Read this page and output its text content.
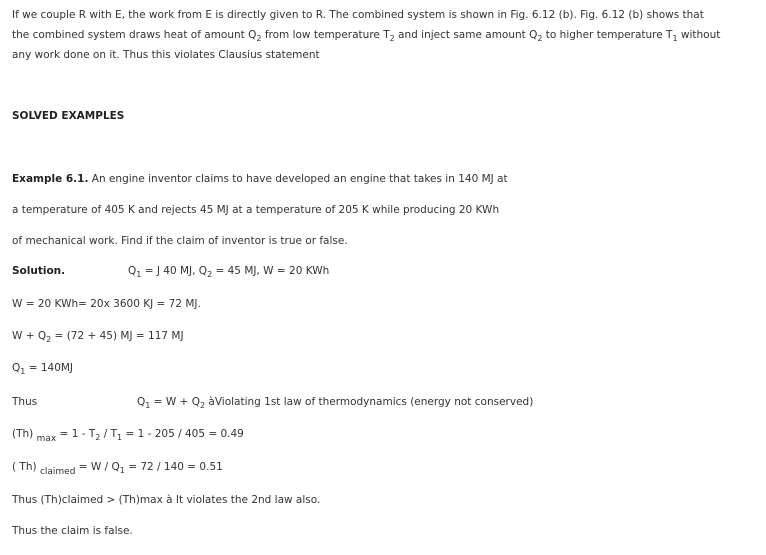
If we couple R with E, the work from E is directly given to R. The combined system is shown in Fig. 6.12 (b). Fig. 6.12 (b) shows that
the combined system draws heat of amount $Q_2$ from low temperature $T_2$ and inject same amount $Q_2$ to higher temperature $T_1$ without
any work done on it. Thus this violates Clausius statement
SOLVED EXAMPLES
Example 6.1. An engine inventor claims to have developed an engine that takes in 140 MJ at
a temperature of 405 K and rejects 45 MJ at a temperature of 205 K while producing 20 KWh
of mechanical work. Find if the claim of inventor is true or false.
Solution.	$Q_1 = J$ 40 MJ, $Q_2 = 45$ MJ, W = 20 KWh
W = 20 KWh= 20x 3600 KJ = 72 MJ.
$W + Q_2 = (72 + 45)$ MJ = 117 MJ
$Q_1 = 140MJ$
Thus	$Q_1 = W + Q_2$ àViolating 1st law of thermodynamics (energy not conserved)
(Th) $\max = 1 - T_2 / T_1 = 1 - 205 / 405 = 0.49$
( Th) claimed = $W / Q_1 = 72 / 140 = 0.51$
Thus (Th)claimed > (Th)max à It violates the 2nd law also.
Thus the claim is false.
